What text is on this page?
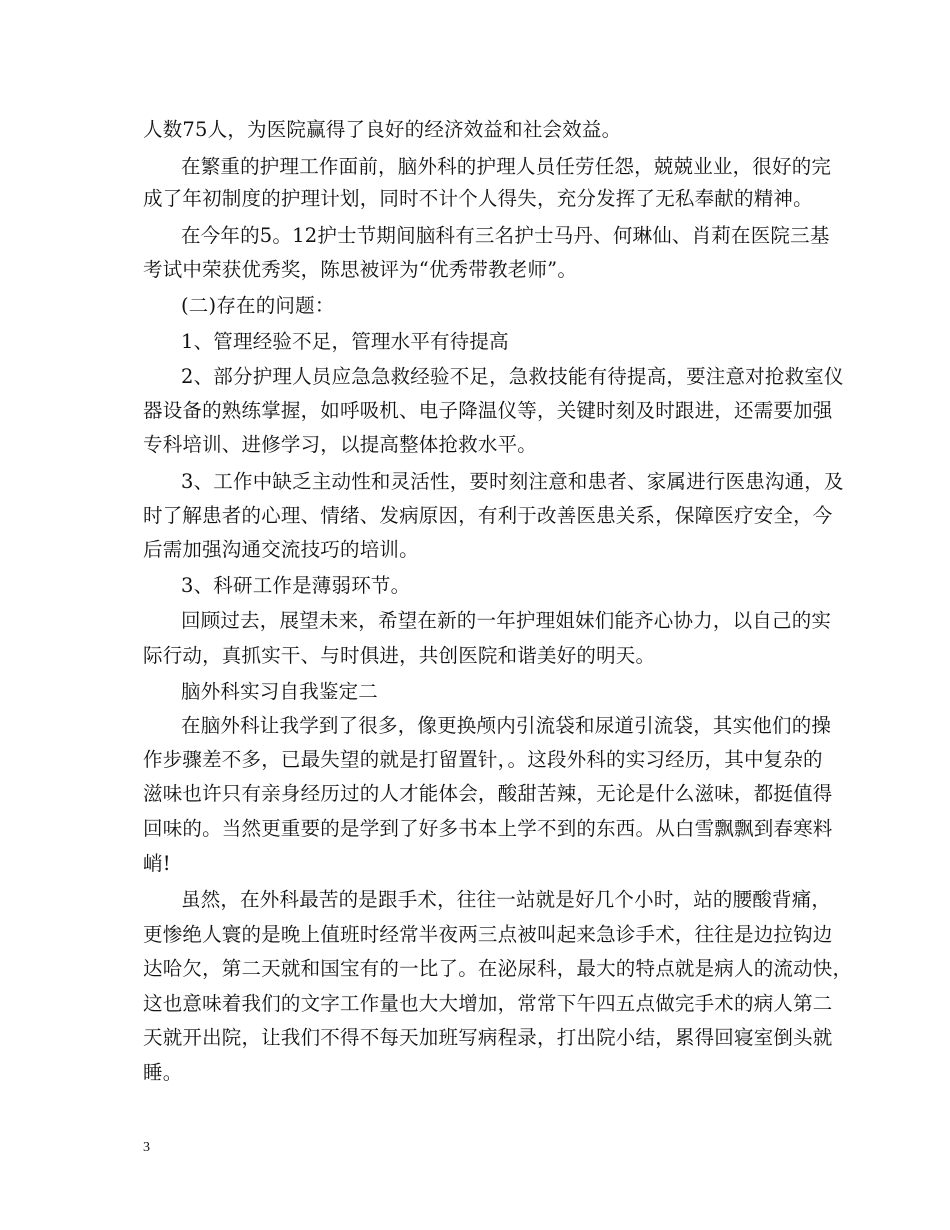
人数75人，为医院赢得了良好的经济效益和社会效益。
在繁重的护理工作面前，脑外科的护理人员任劳任怨，兢兢业业，很好的完
成了年初制度的护理计划，同时不计个人得失，充分发挥了无私奉献的精神。
在今年的5。12护士节期间脑科有三名护士马丹、何琳仙、肖莉在医院三基
考试中荣获优秀奖，陈思被评为“优秀带教老师”。
(二)存在的问题：
1、管理经验不足，管理水平有待提高
2、部分护理人员应急急救经验不足，急救技能有待提高，要注意对抢救室仪
器设备的熟练掌握，如呼吸机、电子降温仪等，关键时刻及时跟进，还需要加强
专科培训、进修学习，以提高整体抢救水平。
3、工作中缺乏主动性和灵活性，要时刻注意和患者、家属进行医患沟通，及
时了解患者的心理、情绪、发病原因，有利于改善医患关系，保障医疗安全，今
后需加强沟通交流技巧的培训。
3、科研工作是薄弱环节。
回顾过去，展望未来，希望在新的一年护理姐妹们能齐心协力，以自己的实
际行动，真抓实干、与时俱进，共创医院和谐美好的明天。
脑外科实习自我鉴定二
在脑外科让我学到了很多，像更换颅内引流袋和尿道引流袋，其实他们的操
作步骤差不多，已最失望的就是打留置针，。这段外科的实习经历，其中复杂的
滋味也许只有亲身经历过的人才能体会，酸甜苦辣，无论是什么滋味，都挺值得
回味的。当然更重要的是学到了好多书本上学不到的东西。从白雪飘飘到春寒料
峭!
虽然，在外科最苦的是跟手术，往往一站就是好几个小时，站的腰酸背痛，
更惨绝人寰的是晚上值班时经常半夜两三点被叫起来急诊手术，往往是边拉钩边
达哈欠，第二天就和国宝有的一比了。在泌尿科，最大的特点就是病人的流动快，
这也意味着我们的文字工作量也大大增加，常常下午四五点做完手术的病人第二
天就开出院，让我们不得不每天加班写病程录，打出院小结，累得回寝室倒头就
睡。
3
